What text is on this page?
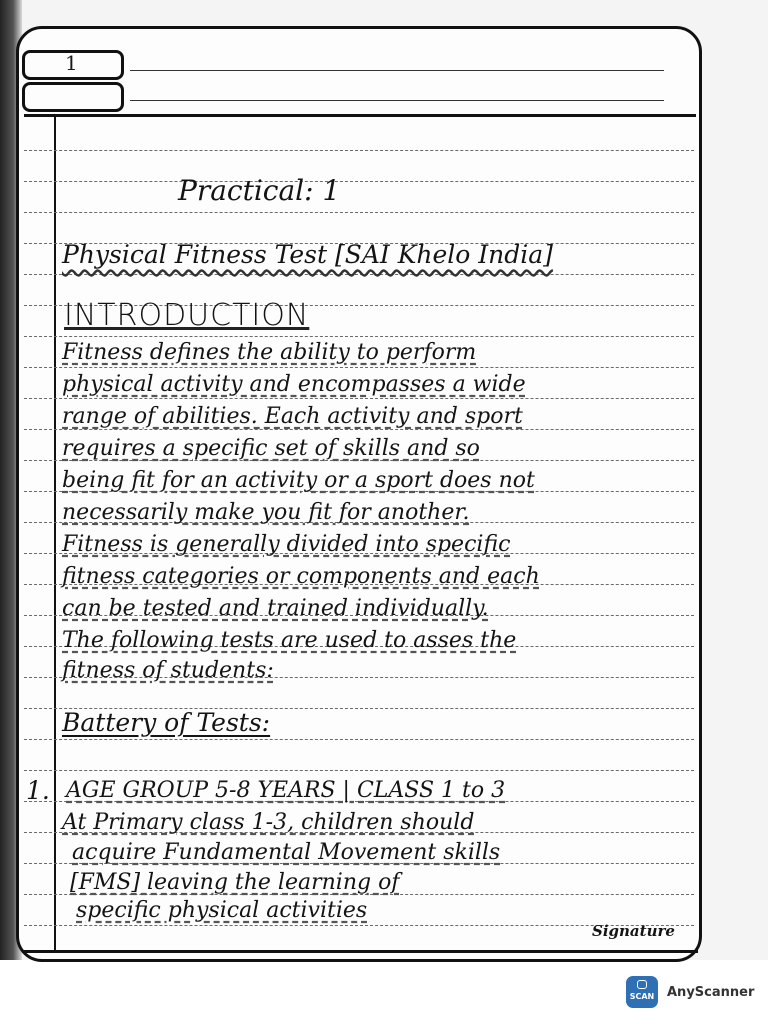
1
Practical: 1
Physical Fitness Test [SAI Khelo India]
INTRODUCTION
Fitness defines the ability to perform
physical activity and encompasses a wide
range of abilities. Each activity and sport
requires a specific set of skills and so
being fit for an activity or a sport does not
necessarily make you fit for another.
Fitness is generally divided into specific
fitness categories or components and each
can be tested and trained individually.
The following tests are used to asses the
fitness of students:
Battery of Tests:
1. AGE GROUP 5-8 YEARS | CLASS 1 to 3
At Primary class 1-3, children should
acquire Fundamental Movement skills
[FMS] leaving the learning of
specific physical activities
Signature
SCAN AnyScanner
